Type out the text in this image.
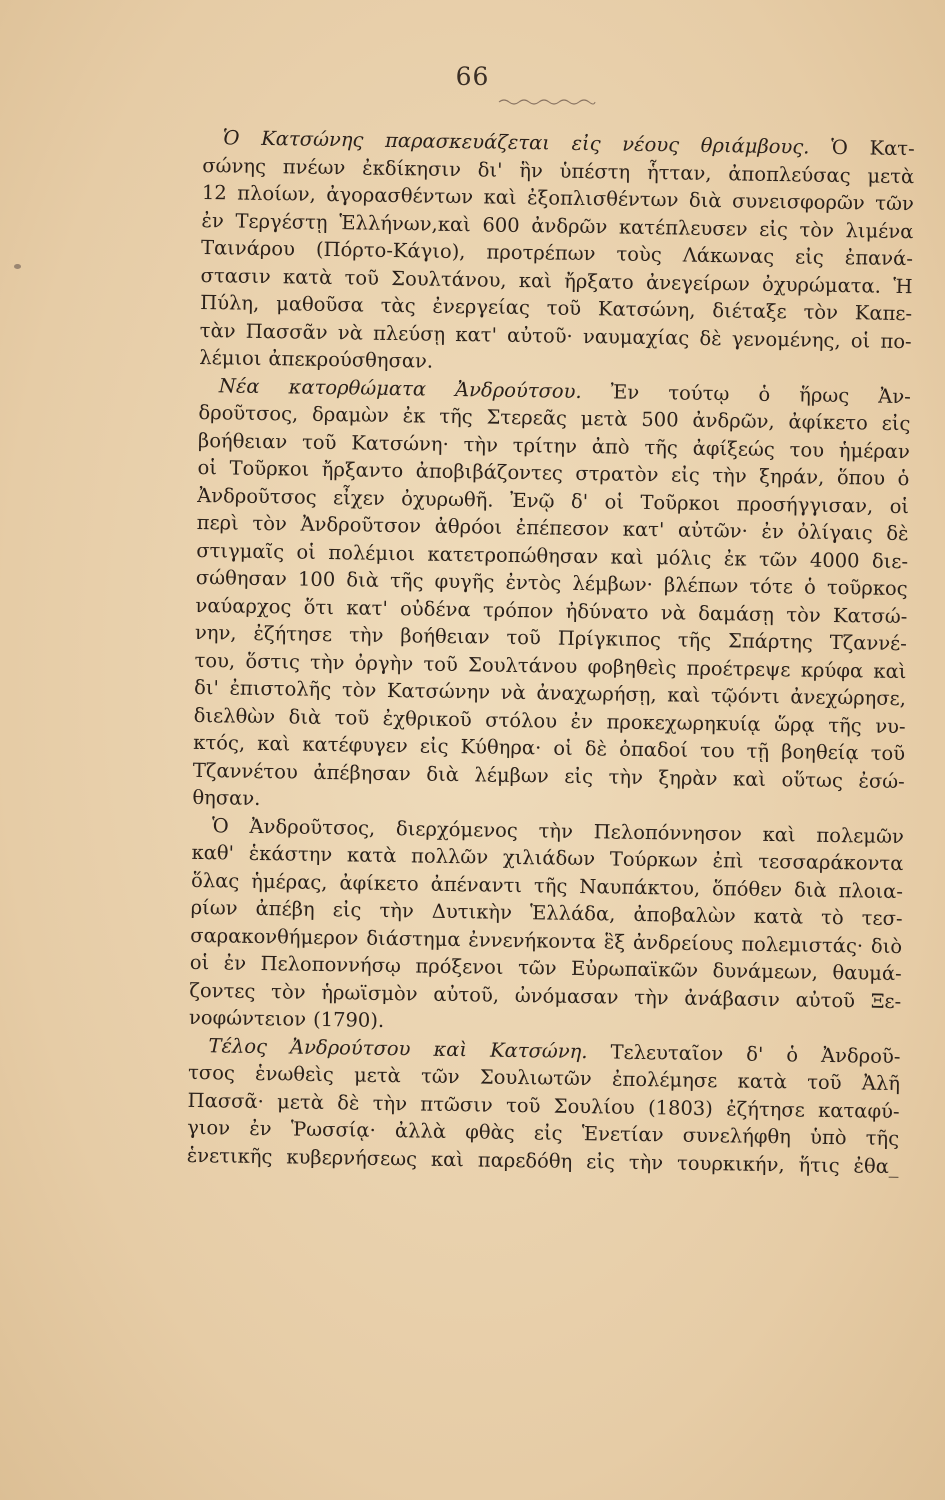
66
Ὁ Κατσώνης παρασκευάζεται εἰς νέους θριάμβους. Ὁ Κατ-
σώνης πνέων ἐκδίκησιν δι' ἣν ὑπέστη ἧτταν, ἀποπλεύσας μετὰ
12 πλοίων, ἀγορασθέντων καὶ ἐξοπλισθέντων διὰ συνεισφορῶν τῶν
ἐν Τεργέστῃ Ἑλλήνων,καὶ 600 ἀνδρῶν κατέπλευσεν εἰς τὸν λιμένα
Ταινάρου (Πόρτο-Κάγιο), προτρέπων τοὺς Λάκωνας εἰς ἐπανά-
στασιν κατὰ τοῦ Σουλτάνου, καὶ ἤρξατο ἀνεγείρων ὀχυρώματα. Ἡ
Πύλη, μαθοῦσα τὰς ἐνεργείας τοῦ Κατσώνη, διέταξε τὸν Καπε-
τὰν Πασσᾶν νὰ πλεύσῃ κατ' αὐτοῦ· ναυμαχίας δὲ γενομένης, οἱ πο-
λέμιοι ἀπεκρούσθησαν.
Νέα κατορθώματα Ἀνδρούτσου. Ἐν τούτῳ ὁ ἥρως Ἀν-
δροῦτσος, δραμὼν ἐκ τῆς Στερεᾶς μετὰ 500 ἀνδρῶν, ἀφίκετο εἰς
βοήθειαν τοῦ Κατσώνη· τὴν τρίτην ἀπὸ τῆς ἀφίξεώς του ἡμέραν
οἱ Τοῦρκοι ἤρξαντο ἀποβιβάζοντες στρατὸν εἰς τὴν ξηράν, ὅπου ὁ
Ἀνδροῦτσος εἶχεν ὀχυρωθῆ. Ἐνῷ δ' οἱ Τοῦρκοι προσήγγισαν, οἱ
περὶ τὸν Ἀνδροῦτσον ἀθρόοι ἐπέπεσον κατ' αὐτῶν· ἐν ὀλίγαις δὲ
στιγμαῖς οἱ πολέμιοι κατετροπώθησαν καὶ μόλις ἐκ τῶν 4000 διε-
σώθησαν 100 διὰ τῆς φυγῆς ἐντὸς λέμβων· βλέπων τότε ὁ τοῦρκος
ναύαρχος ὅτι κατ' οὐδένα τρόπον ἠδύνατο νὰ δαμάσῃ τὸν Κατσώ-
νην, ἐζήτησε τὴν βοήθειαν τοῦ Πρίγκιπος τῆς Σπάρτης Τζαννέ-
του, ὅστις τὴν ὀργὴν τοῦ Σουλτάνου φοβηθεὶς προέτρεψε κρύφα καὶ
δι' ἐπιστολῆς τὸν Κατσώνην νὰ ἀναχωρήσῃ, καὶ τῷόντι ἀνεχώρησε,
διελθὼν διὰ τοῦ ἐχθρικοῦ στόλου ἐν προκεχωρηκυίᾳ ὥρᾳ τῆς νυ-
κτός, καὶ κατέφυγεν εἰς Κύθηρα· οἱ δὲ ὀπαδοί του τῇ βοηθείᾳ τοῦ
Τζαννέτου ἀπέβησαν διὰ λέμβων εἰς τὴν ξηρὰν καὶ οὕτως ἐσώ-
θησαν.
Ὁ Ἀνδροῦτσος, διερχόμενος τὴν Πελοπόννησον καὶ πολεμῶν
καθ' ἑκάστην κατὰ πολλῶν χιλιάδων Τούρκων ἐπὶ τεσσαράκοντα
ὅλας ἡμέρας, ἀφίκετο ἀπέναντι τῆς Ναυπάκτου, ὅπόθεν διὰ πλοια-
ρίων ἀπέβη εἰς τὴν Δυτικὴν Ἑλλάδα, ἀποβαλὼν κατὰ τὸ τεσ-
σαρακονθήμερον διάστημα ἐννενήκοντα ἓξ ἀνδρείους πολεμιστάς· διὸ
οἱ ἐν Πελοποννήσῳ πρόξενοι τῶν Εὐρωπαϊκῶν δυνάμεων, θαυμά-
ζοντες τὸν ἡρωϊσμὸν αὐτοῦ, ὠνόμασαν τὴν ἀνάβασιν αὐτοῦ Ξε-
νοφώντειον (1790).
Τέλος Ἀνδρούτσου καὶ Κατσώνη. Τελευταῖον δ' ὁ Ἀνδροῦ-
τσος ἑνωθεὶς μετὰ τῶν Σουλιωτῶν ἐπολέμησε κατὰ τοῦ Ἀλῆ
Πασσᾶ· μετὰ δὲ τὴν πτῶσιν τοῦ Σουλίου (1803) ἐζήτησε καταφύ-
γιον ἐν Ῥωσσίᾳ· ἀλλὰ φθὰς εἰς Ἑνετίαν συνελήφθη ὑπὸ τῆς
ἑνετικῆς κυβερνήσεως καὶ παρεδόθη εἰς τὴν τουρκικήν, ἥτις ἐθα_
